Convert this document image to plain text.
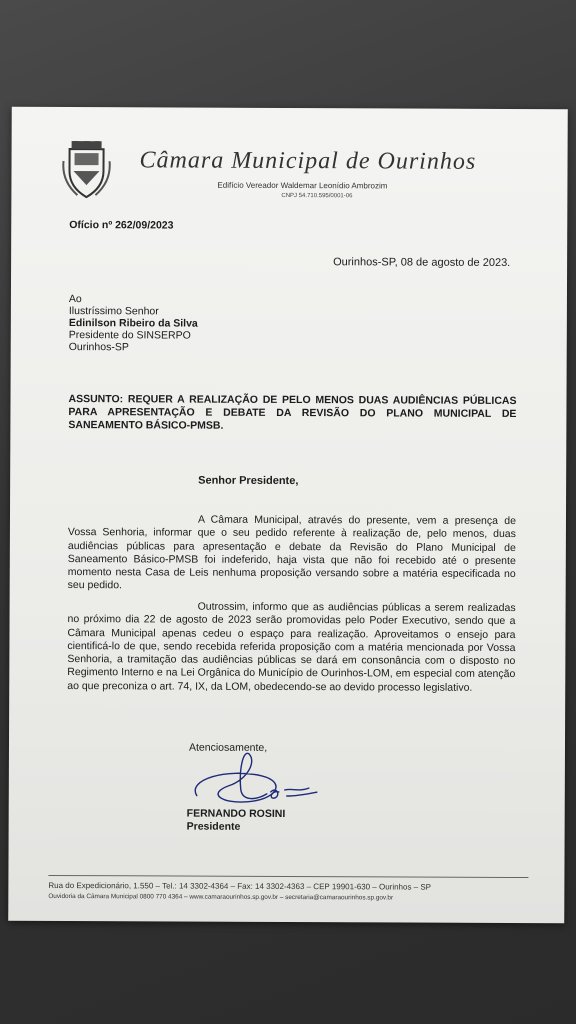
Câmara Municipal de Ourinhos
Edifício Vereador Waldemar Leonídio Ambrozim
CNPJ 54.710.595/0001-06
Ofício nº 262/09/2023
Ourinhos-SP, 08 de agosto de 2023.
Ao
Ilustríssimo Senhor
Edinilson Ribeiro da Silva
Presidente do SINSERPO
Ourinhos-SP
ASSUNTO: REQUER A REALIZAÇÃO DE PELO MENOS DUAS AUDIÊNCIAS PÚBLICAS PARA APRESENTAÇÃO E DEBATE DA REVISÃO DO PLANO MUNICIPAL DE SANEAMENTO BÁSICO-PMSB.
Senhor Presidente,
A Câmara Municipal, através do presente, vem a presença de Vossa Senhoria, informar que o seu pedido referente à realização de, pelo menos, duas audiências públicas para apresentação e debate da Revisão do Plano Municipal de Saneamento Básico-PMSB foi indeferido, haja vista que não foi recebido até o presente momento nesta Casa de Leis nenhuma proposição versando sobre a matéria especificada no seu pedido.
Outrossim, informo que as audiências públicas a serem realizadas no próximo dia 22 de agosto de 2023 serão promovidas pelo Poder Executivo, sendo que a Câmara Municipal apenas cedeu o espaço para realização. Aproveitamos o ensejo para cientificá-lo de que, sendo recebida referida proposição com a matéria mencionada por Vossa Senhoria, a tramitação das audiências públicas se dará em consonância com o disposto no Regimento Interno e na Lei Orgânica do Município de Ourinhos-LOM, em especial com atenção ao que preconiza o art. 74, IX, da LOM, obedecendo-se ao devido processo legislativo.
Atenciosamente,
FERNANDO ROSINI
Presidente
Rua do Expedicionário, 1.550 – Tel.: 14 3302-4364 – Fax: 14 3302-4363 – CEP 19901-630 – Ourinhos – SP
Ouvidoria da Câmara Municipal 0800 770 4364 – www.camaraourinhos.sp.gov.br – secretaria@camaraourinhos.sp.gov.br
